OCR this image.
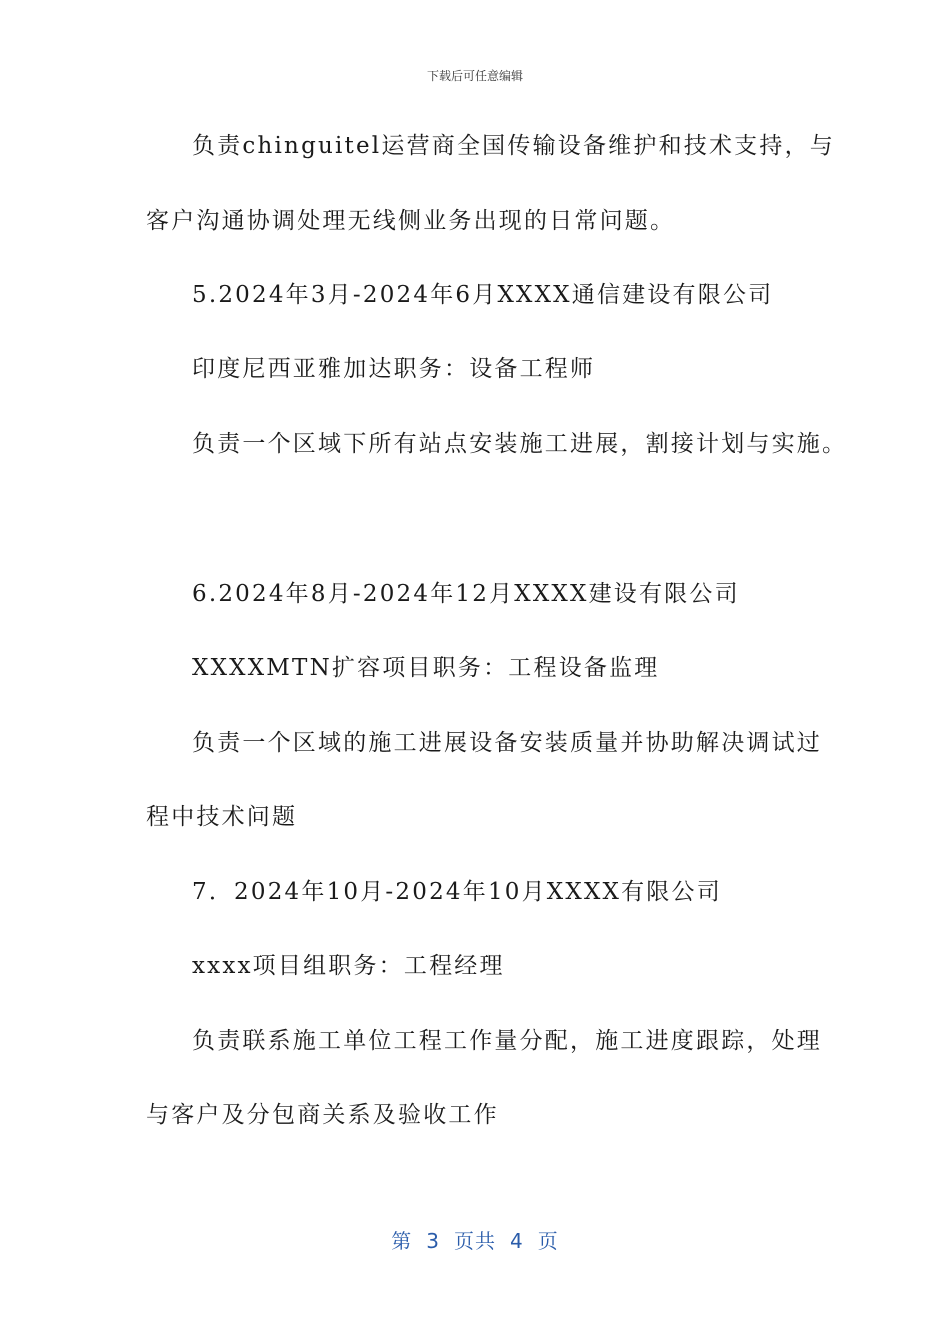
下载后可任意编辑
负责chinguitel运营商全国传输设备维护和技术支持，与
客户沟通协调处理无线侧业务出现的日常问题。
5.2024年3月-2024年6月XXXX通信建设有限公司
印度尼西亚雅加达职务：设备工程师
负责一个区域下所有站点安装施工进展，割接计划与实施。
6.2024年8月-2024年12月XXXX建设有限公司
XXXXMTN扩容项目职务：工程设备监理
负责一个区域的施工进展设备安装质量并协助解决调试过
程中技术问题
7．2024年10月-2024年10月XXXX有限公司
xxxx项目组职务：工程经理
负责联系施工单位工程工作量分配，施工进度跟踪，处理
与客户及分包商关系及验收工作
第 3 页共 4 页
